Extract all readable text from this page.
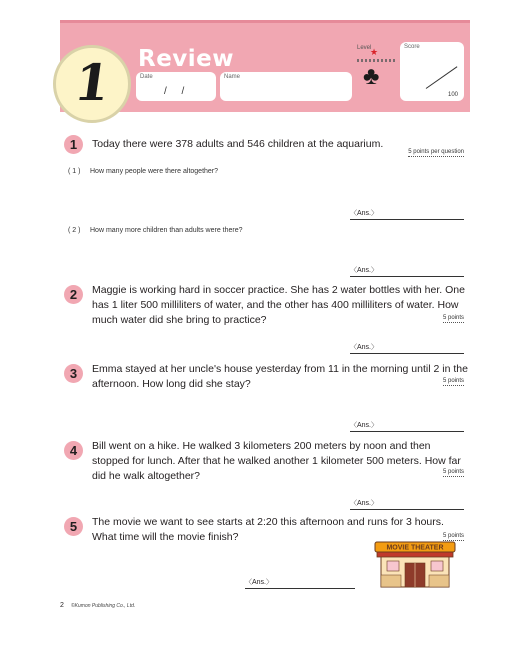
1 Review
Date
/ /
Name
Level
★
♣
Score
100
1	Today there were 378 adults and 546 children at the aquarium.
5 points per question
( 1 ) How many people were there altogether?
〈Ans.〉
( 2 ) How many more children than adults were there?
〈Ans.〉
2	Maggie is working hard in soccer practice. She has 2 water bottles with her. One has 1 liter 500 milliliters of water, and the other has 400 milliliters of water. How much water did she bring to practice?	5 points
〈Ans.〉
3	Emma stayed at her uncle's house yesterday from 11 in the morning until 2 in the afternoon. How long did she stay?	5 points
〈Ans.〉
4	Bill went on a hike. He walked 3 kilometers 200 meters by noon and then stopped for lunch. After that he walked another 1 kilometer 500 meters. How far did he walk altogether?	5 points
〈Ans.〉
5	The movie we want to see starts at 2:20 this afternoon and runs for 3 hours. What time will the movie finish?	5 points
〈Ans.〉
MOVIE THEATER
2 ©Kumon Publishing Co., Ltd.
